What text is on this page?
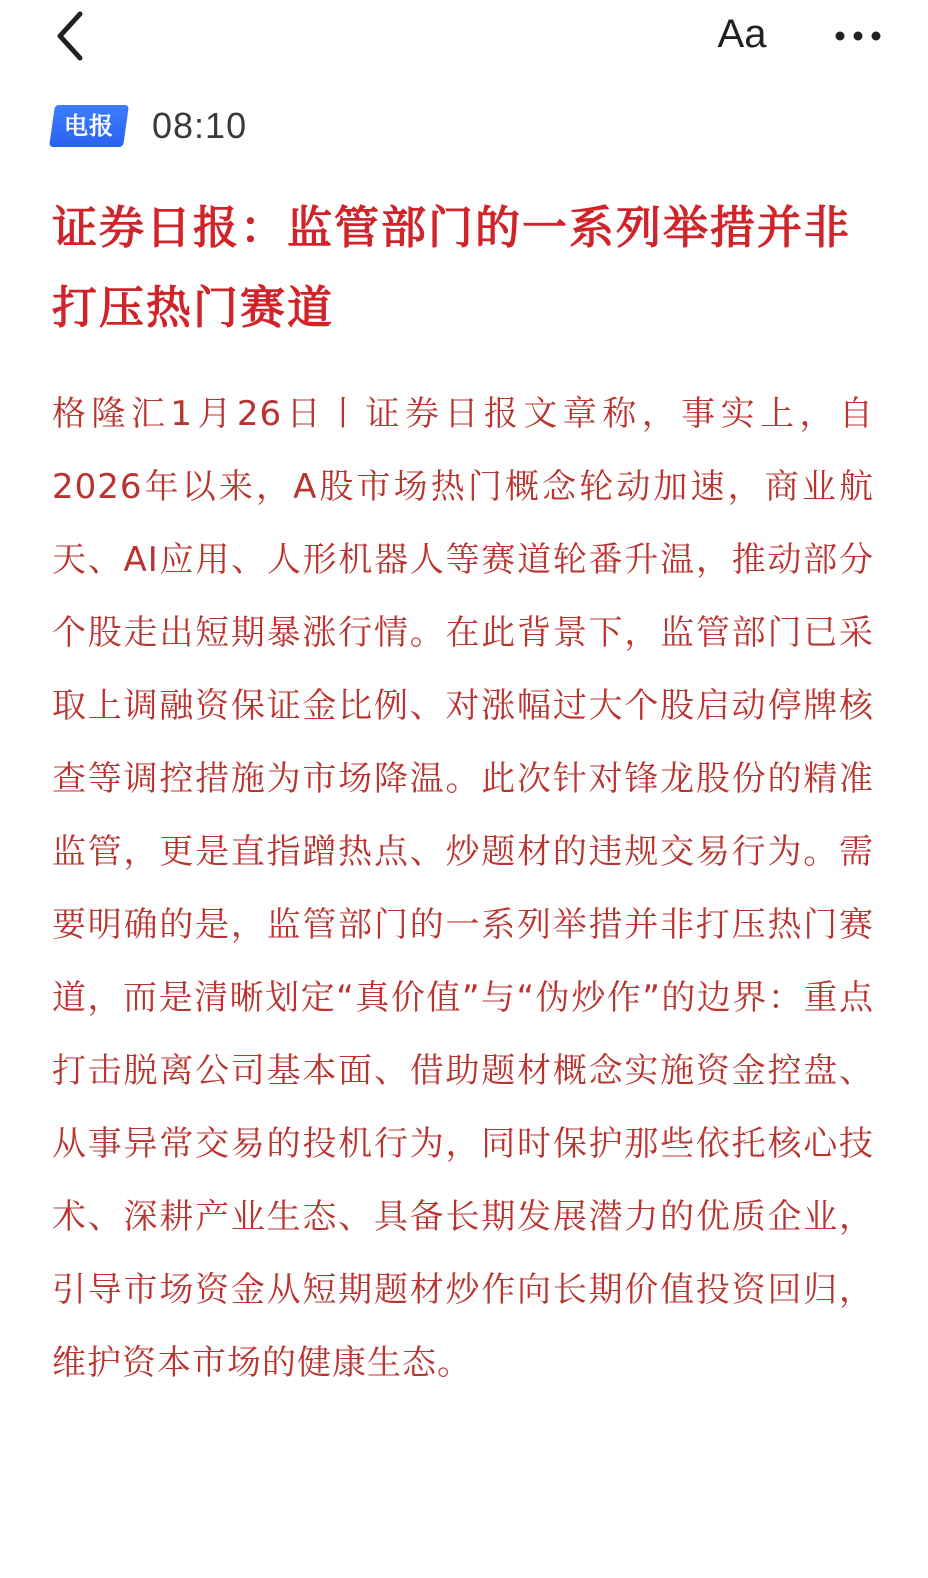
Aa
电报	08:10
证券日报：监管部门的一系列举措并非打压热门赛道

格隆汇1月26日丨证券日报文章称，事实上，自2026年以来，A股市场热门概念轮动加速，商业航天、AI应用、人形机器人等赛道轮番升温，推动部分个股走出短期暴涨行情。在此背景下，监管部门已采取上调融资保证金比例、对涨幅过大个股启动停牌核查等调控措施为市场降温。此次针对锋龙股份的精准监管，更是直指蹭热点、炒题材的违规交易行为。需要明确的是，监管部门的一系列举措并非打压热门赛道，而是清晰划定“真价值”与“伪炒作”的边界：重点打击脱离公司基本面、借助题材概念实施资金控盘、从事异常交易的投机行为，同时保护那些依托核心技术、深耕产业生态、具备长期发展潜力的优质企业，引导市场资金从短期题材炒作向长期价值投资回归，维护资本市场的健康生态。
